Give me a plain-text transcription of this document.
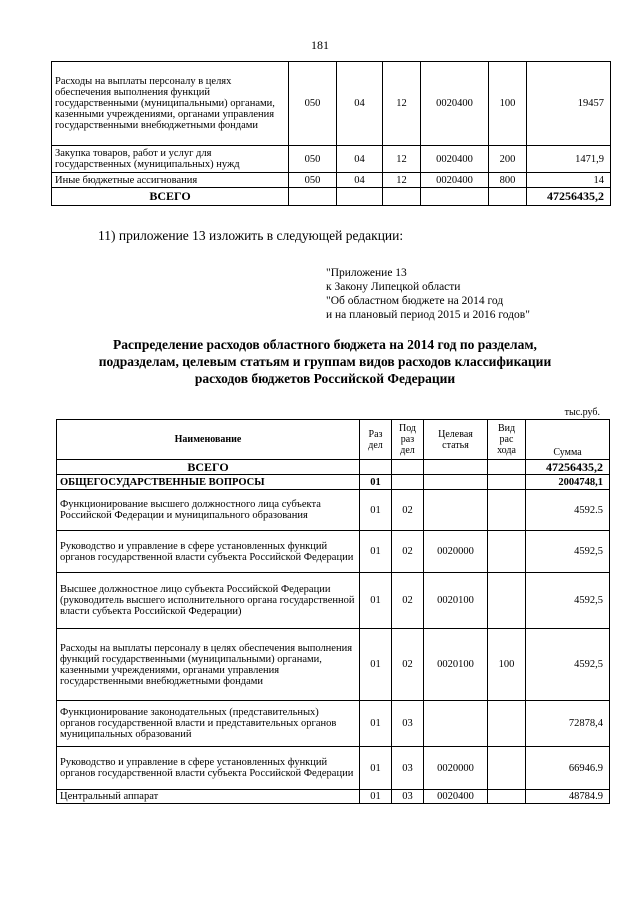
181
Расходы на выплаты персоналу в целях обеспечения выполнения функций государственными (муниципальными) органами, казенными учреждениями, органами управления государственными внебюджетными фондами	050	04	12	0020400	100	19457
Закупка товаров, работ и услуг для государственных (муниципальных) нужд	050	04	12	0020400	200	1471,9
Иные бюджетные ассигнования	050	04	12	0020400	800	14
ВСЕГО						47256435,2
11) приложение 13 изложить в следующей редакции:
"Приложение 13
к Закону Липецкой области
"Об областном бюджете на 2014 год
и на плановый период 2015 и 2016 годов"
Распределение расходов областного бюджета на 2014 год по разделам,
подразделам, целевым статьям и группам видов расходов классификации
расходов бюджетов Российской Федерации
тыс.руб.
Наименование	Раз дел	Под раз дел	Целевая статья	Вид рас хода	Сумма
ВСЕГО					47256435,2
ОБЩЕГОСУДАРСТВЕННЫЕ ВОПРОСЫ	01				2004748,1
Функционирование высшего должностного лица субъекта Российской Федерации и муниципального образования	01	02			4592.5
Руководство и управление в сфере установленных функций органов государственной власти субъекта Российской Федерации	01	02	0020000		4592,5
Высшее должностное лицо субъекта Российской Федерации (руководитель высшего исполнительного органа государственной власти субъекта Российской Федерации)	01	02	0020100		4592,5
Расходы на выплаты персоналу в целях обеспечения выполнения функций государственными (муниципальными) органами, казенными учреждениями, органами управления государственными внебюджетными фондами	01	02	0020100	100	4592,5
Функционирование законодательных (представительных) органов государственной власти и представительных органов муниципальных образований	01	03			72878,4
Руководство и управление в сфере установленных функций органов государственной власти субъекта Российской Федерации	01	03	0020000		66946.9
Центральный аппарат	01	03	0020400		48784.9
